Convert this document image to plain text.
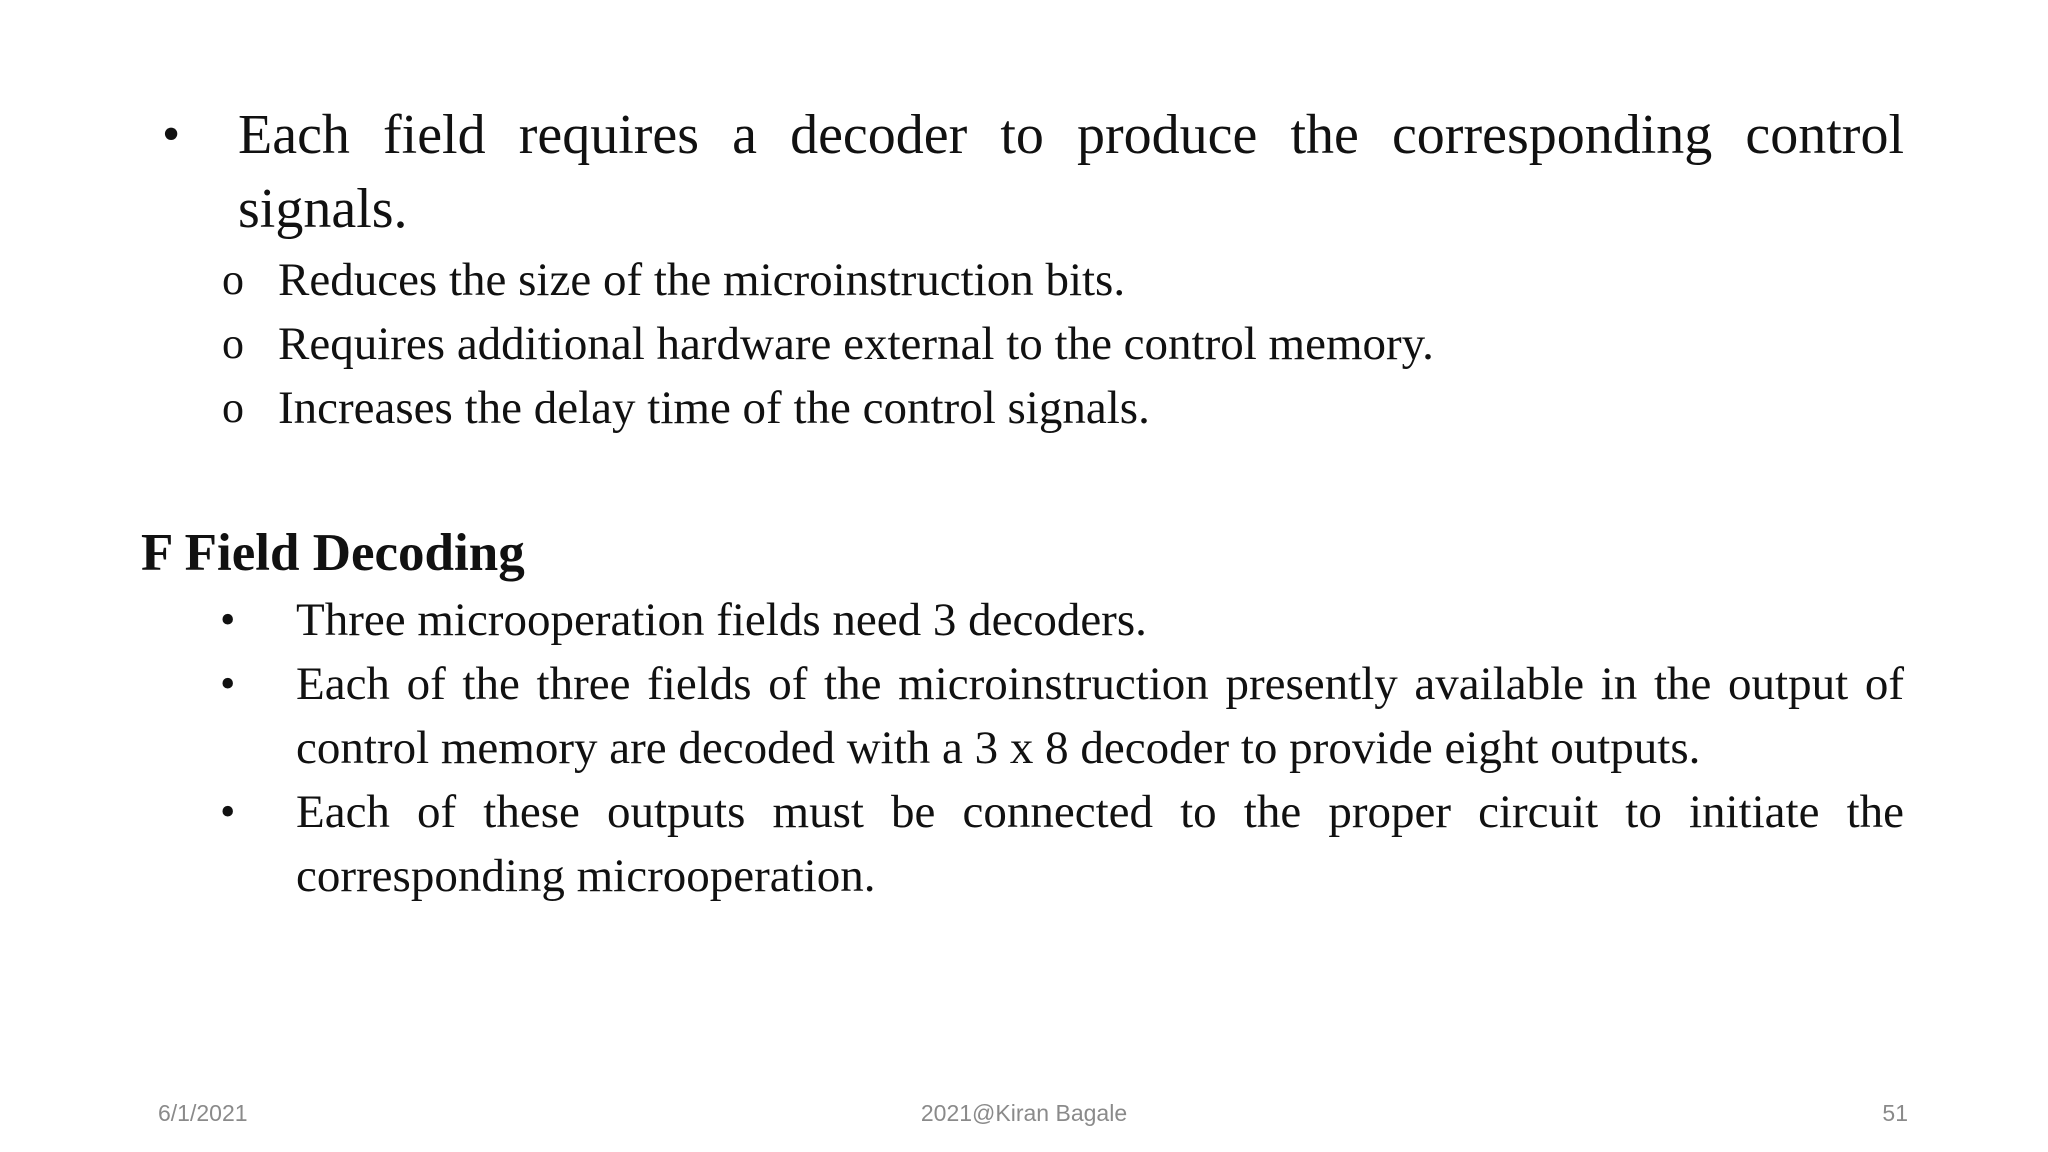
• Each field requires a decoder to produce the corresponding control signals.
o Reduces the size of the microinstruction bits.
o Requires additional hardware external to the control memory.
o Increases the delay time of the control signals.
F Field Decoding
• Three microoperation fields need 3 decoders.
• Each of the three fields of the microinstruction presently available in the output of control memory are decoded with a 3 x 8 decoder to provide eight outputs.
• Each of these outputs must be connected to the proper circuit to initiate the corresponding microoperation.
6/1/2021	2021@Kiran Bagale	51
